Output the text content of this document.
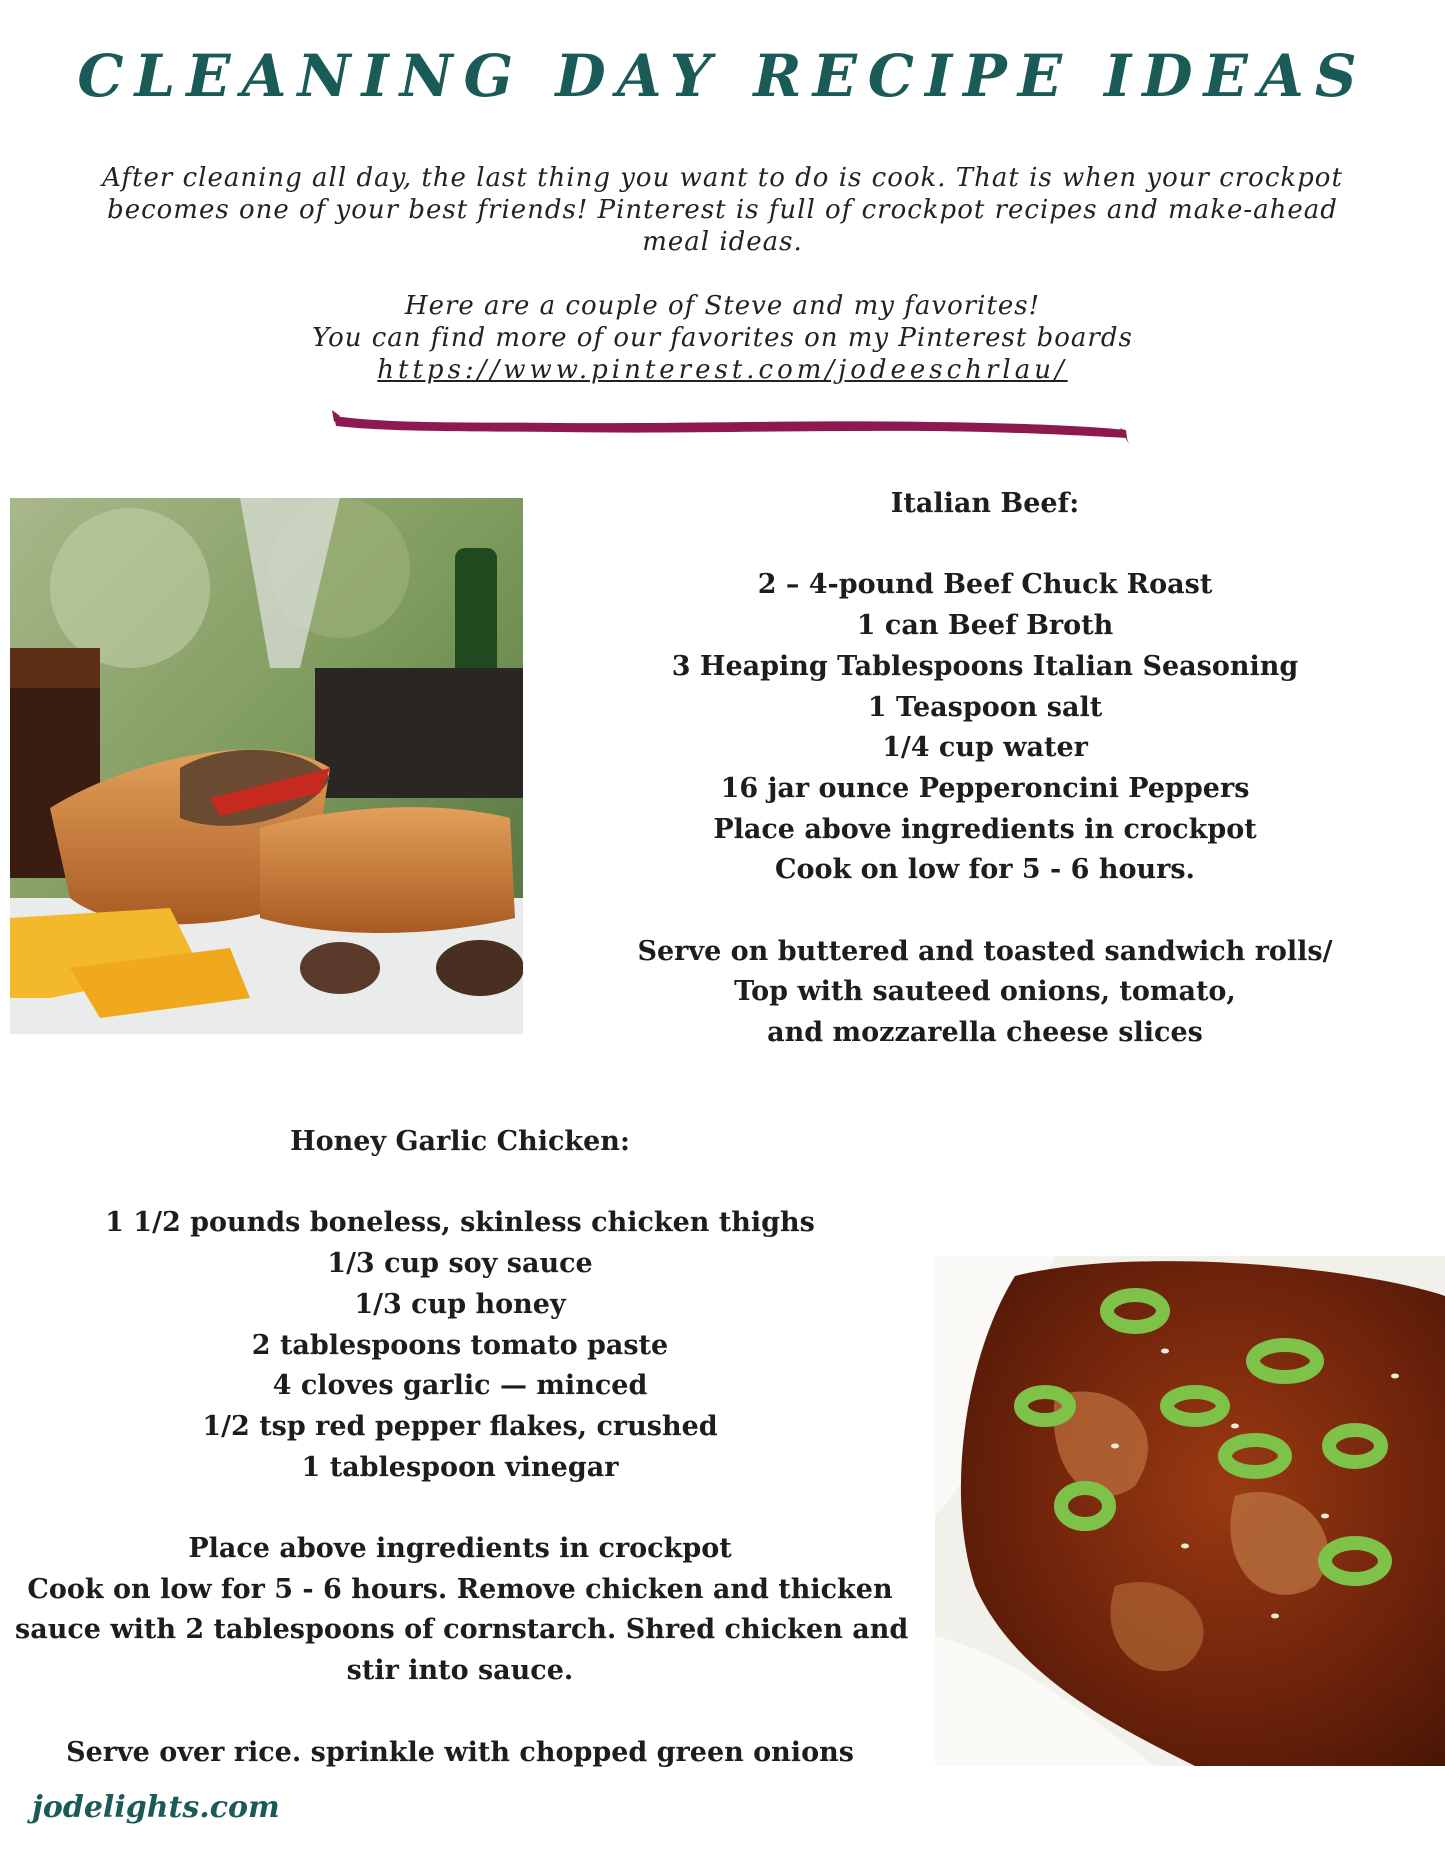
CLEANING DAY RECIPE IDEAS

After cleaning all day, the last thing you want to do is cook. That is when your crockpot becomes one of your best friends! Pinterest is full of crockpot recipes and make-ahead meal ideas.

Here are a couple of Steve and my favorites!

You can find more of our favorites on my Pinterest boards

https://www.pinterest.com/jodeeschrlau/

Italian Beef:
2 – 4-pound Beef Chuck Roast
1 can Beef Broth
3 Heaping Tablespoons Italian Seasoning
1 Teaspoon salt
1/4 cup water
16 jar ounce Pepperoncini Peppers
Place above ingredients in crockpot
Cook on low for 5 - 6 hours.
Serve on buttered and toasted sandwich rolls/
Top with sauteed onions, tomato,
and mozzarella cheese slices
Honey Garlic Chicken:
1 1/2 pounds boneless, skinless chicken thighs
1/3 cup soy sauce
1/3 cup honey
2 tablespoons tomato paste
4 cloves garlic — minced
1/2 tsp red pepper flakes, crushed
1 tablespoon vinegar
Place above ingredients in crockpot
Cook on low for 5 - 6 hours. Remove chicken and thicken
sauce with 2 tablespoons of cornstarch. Shred chicken and
stir into sauce.
Serve over rice. sprinkle with chopped green onions
jodelights.com
